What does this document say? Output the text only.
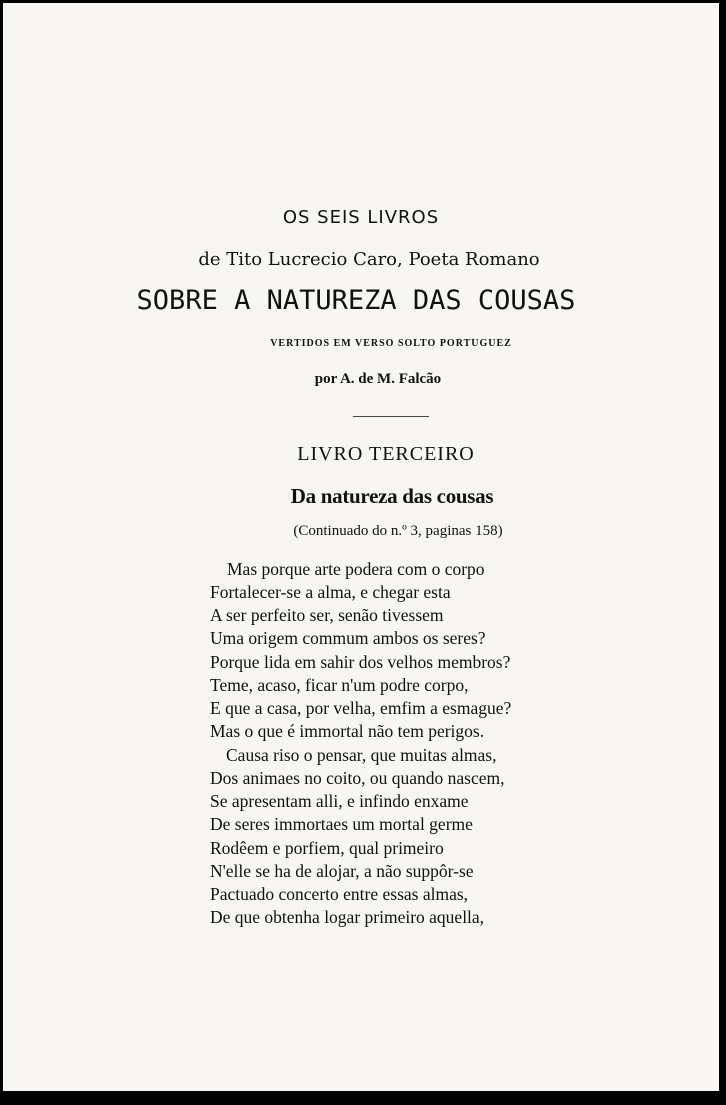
OS SEIS LIVROS
de Tito Lucrecio Caro, Poeta Romano
SOBRE A NATUREZA DAS COUSAS
VERTIDOS EM VERSO SOLTO PORTUGUEZ
por A. de M. Falcão
LIVRO TERCEIRO
Da natureza das cousas
(Continuado do n.º 3, paginas 158)
Mas porque arte podera com o corpo
Fortalecer-se a alma, e chegar esta
A ser perfeito ser, senão tivessem
Uma origem commum ambos os seres?
Porque lida em sahir dos velhos membros?
Teme, acaso, ficar n'um podre corpo,
E que a casa, por velha, emfim a esmague?
Mas o que é immortal não tem perigos.
Causa riso o pensar, que muitas almas,
Dos animaes no coito, ou quando nascem,
Se apresentam alli, e infindo enxame
De seres immortaes um mortal germe
Rodêem e porfiem, qual primeiro
N'elle se ha de alojar, a não suppôr-se
Pactuado concerto entre essas almas,
De que obtenha logar primeiro aquella,
